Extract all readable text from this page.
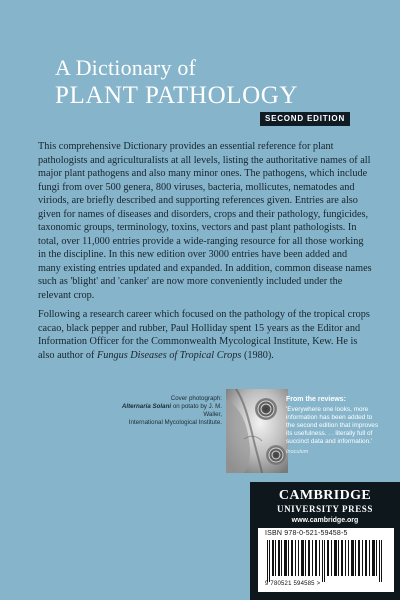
A Dictionary of
PLANT PATHOLOGY
SECOND EDITION

This comprehensive Dictionary provides an essential reference for plant pathologists and agriculturalists at all levels, listing the authoritative names of all major plant pathogens and also many minor ones. The pathogens, which include fungi from over 500 genera, 800 viruses, bacteria, mollicutes, nematodes and viriods, are briefly described and supporting references given. Entries are also given for names of diseases and disorders, crops and their pathology, fungicides, taxonomic groups, terminology, toxins, vectors and past plant pathologists. In total, over 11,000 entries provide a wide-ranging resource for all those working in the discipline. In this new edition over 3000 entries have been added and many existing entries updated and expanded. In addition, common disease names such as 'blight' and 'canker' are now more conveniently included under the relevant crop.

Following a research career which focused on the pathology of the tropical crops cacao, black pepper and rubber, Paul Holliday spent 15 years as the Editor and Information Officer for the Commonwealth Mycological Institute, Kew. He is also author of Fungus Diseases of Tropical Crops (1980).

Cover photograph:
Alternaria Solani on potato by J. M. Waller,
International Mycological Institute.
From the reviews:
'Everywhere one looks, more information has been added to the second edition that improves its usefulness. . . literally full of succinct data and information.'
Inoculum
CAMBRIDGE
UNIVERSITY PRESS
www.cambridge.org
ISBN 978-0-521-59458-5
9 780521 594585 >
